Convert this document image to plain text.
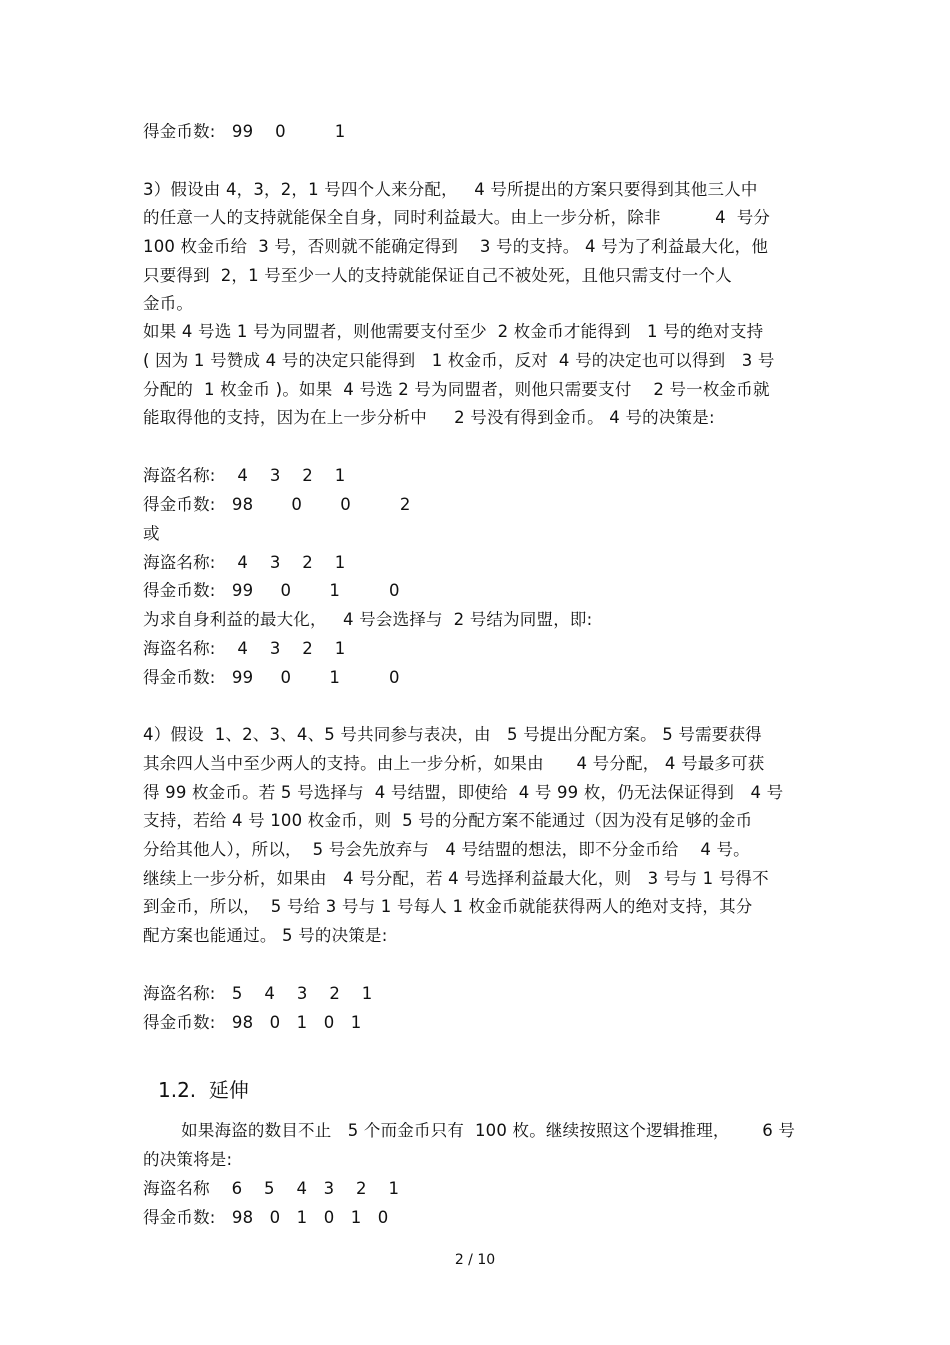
得金币数:   99    0         1
3）假设由 4，3，2，1 号四个人来分配，   4 号所提出的方案只要得到其他三人中
的任意一人的支持就能保全自身，同时利益最大。由上一步分析，除非          4  号分
100 枚金币给  3 号，否则就不能确定得到    3 号的支持。 4 号为了利益最大化，他
只要得到  2，1 号至少一人的支持就能保证自己不被处死，且他只需支付一个人
金币。
如果 4 号选 1 号为同盟者，则他需要支付至少  2 枚金币才能得到   1 号的绝对支持
( 因为 1 号赞成 4 号的决定只能得到   1 枚金币，反对  4 号的决定也可以得到   3 号
分配的  1 枚金币 )。如果  4 号选 2 号为同盟者，则他只需要支付    2 号一枚金币就
能取得他的支持，因为在上一步分析中     2 号没有得到金币。 4 号的决策是:
海盗名称:    4    3    2    1
得金币数:   98       0       0         2
或
海盗名称:    4    3    2    1
得金币数:   99     0       1         0
为求自身利益的最大化，   4 号会选择与  2 号结为同盟，即:
海盗名称:    4    3    2    1
得金币数:   99     0       1         0
4）假设  1、2、3、4、5 号共同参与表决，由   5 号提出分配方案。 5 号需要获得
其余四人当中至少两人的支持。由上一步分析，如果由      4 号分配， 4 号最多可获
得 99 枚金币。若 5 号选择与  4 号结盟，即使给  4 号 99 枚，仍无法保证得到   4 号
支持，若给 4 号 100 枚金币，则  5 号的分配方案不能通过（因为没有足够的金币
分给其他人），所以，  5 号会先放弃与   4 号结盟的想法，即不分金币给    4 号。
继续上一步分析，如果由   4 号分配，若 4 号选择利益最大化，则   3 号与 1 号得不
到金币，所以，  5 号给 3 号与 1 号每人 1 枚金币就能获得两人的绝对支持，其分
配方案也能通过。 5 号的决策是:
海盗名称:   5    4    3    2    1
得金币数:   98   0   1   0   1
1.2.  延伸
如果海盗的数目不止   5 个而金币只有  100 枚。继续按照这个逻辑推理，      6 号
的决策将是:
海盗名称    6    5    4   3    2    1
得金币数:   98   0   1   0   1   0
2 / 10
